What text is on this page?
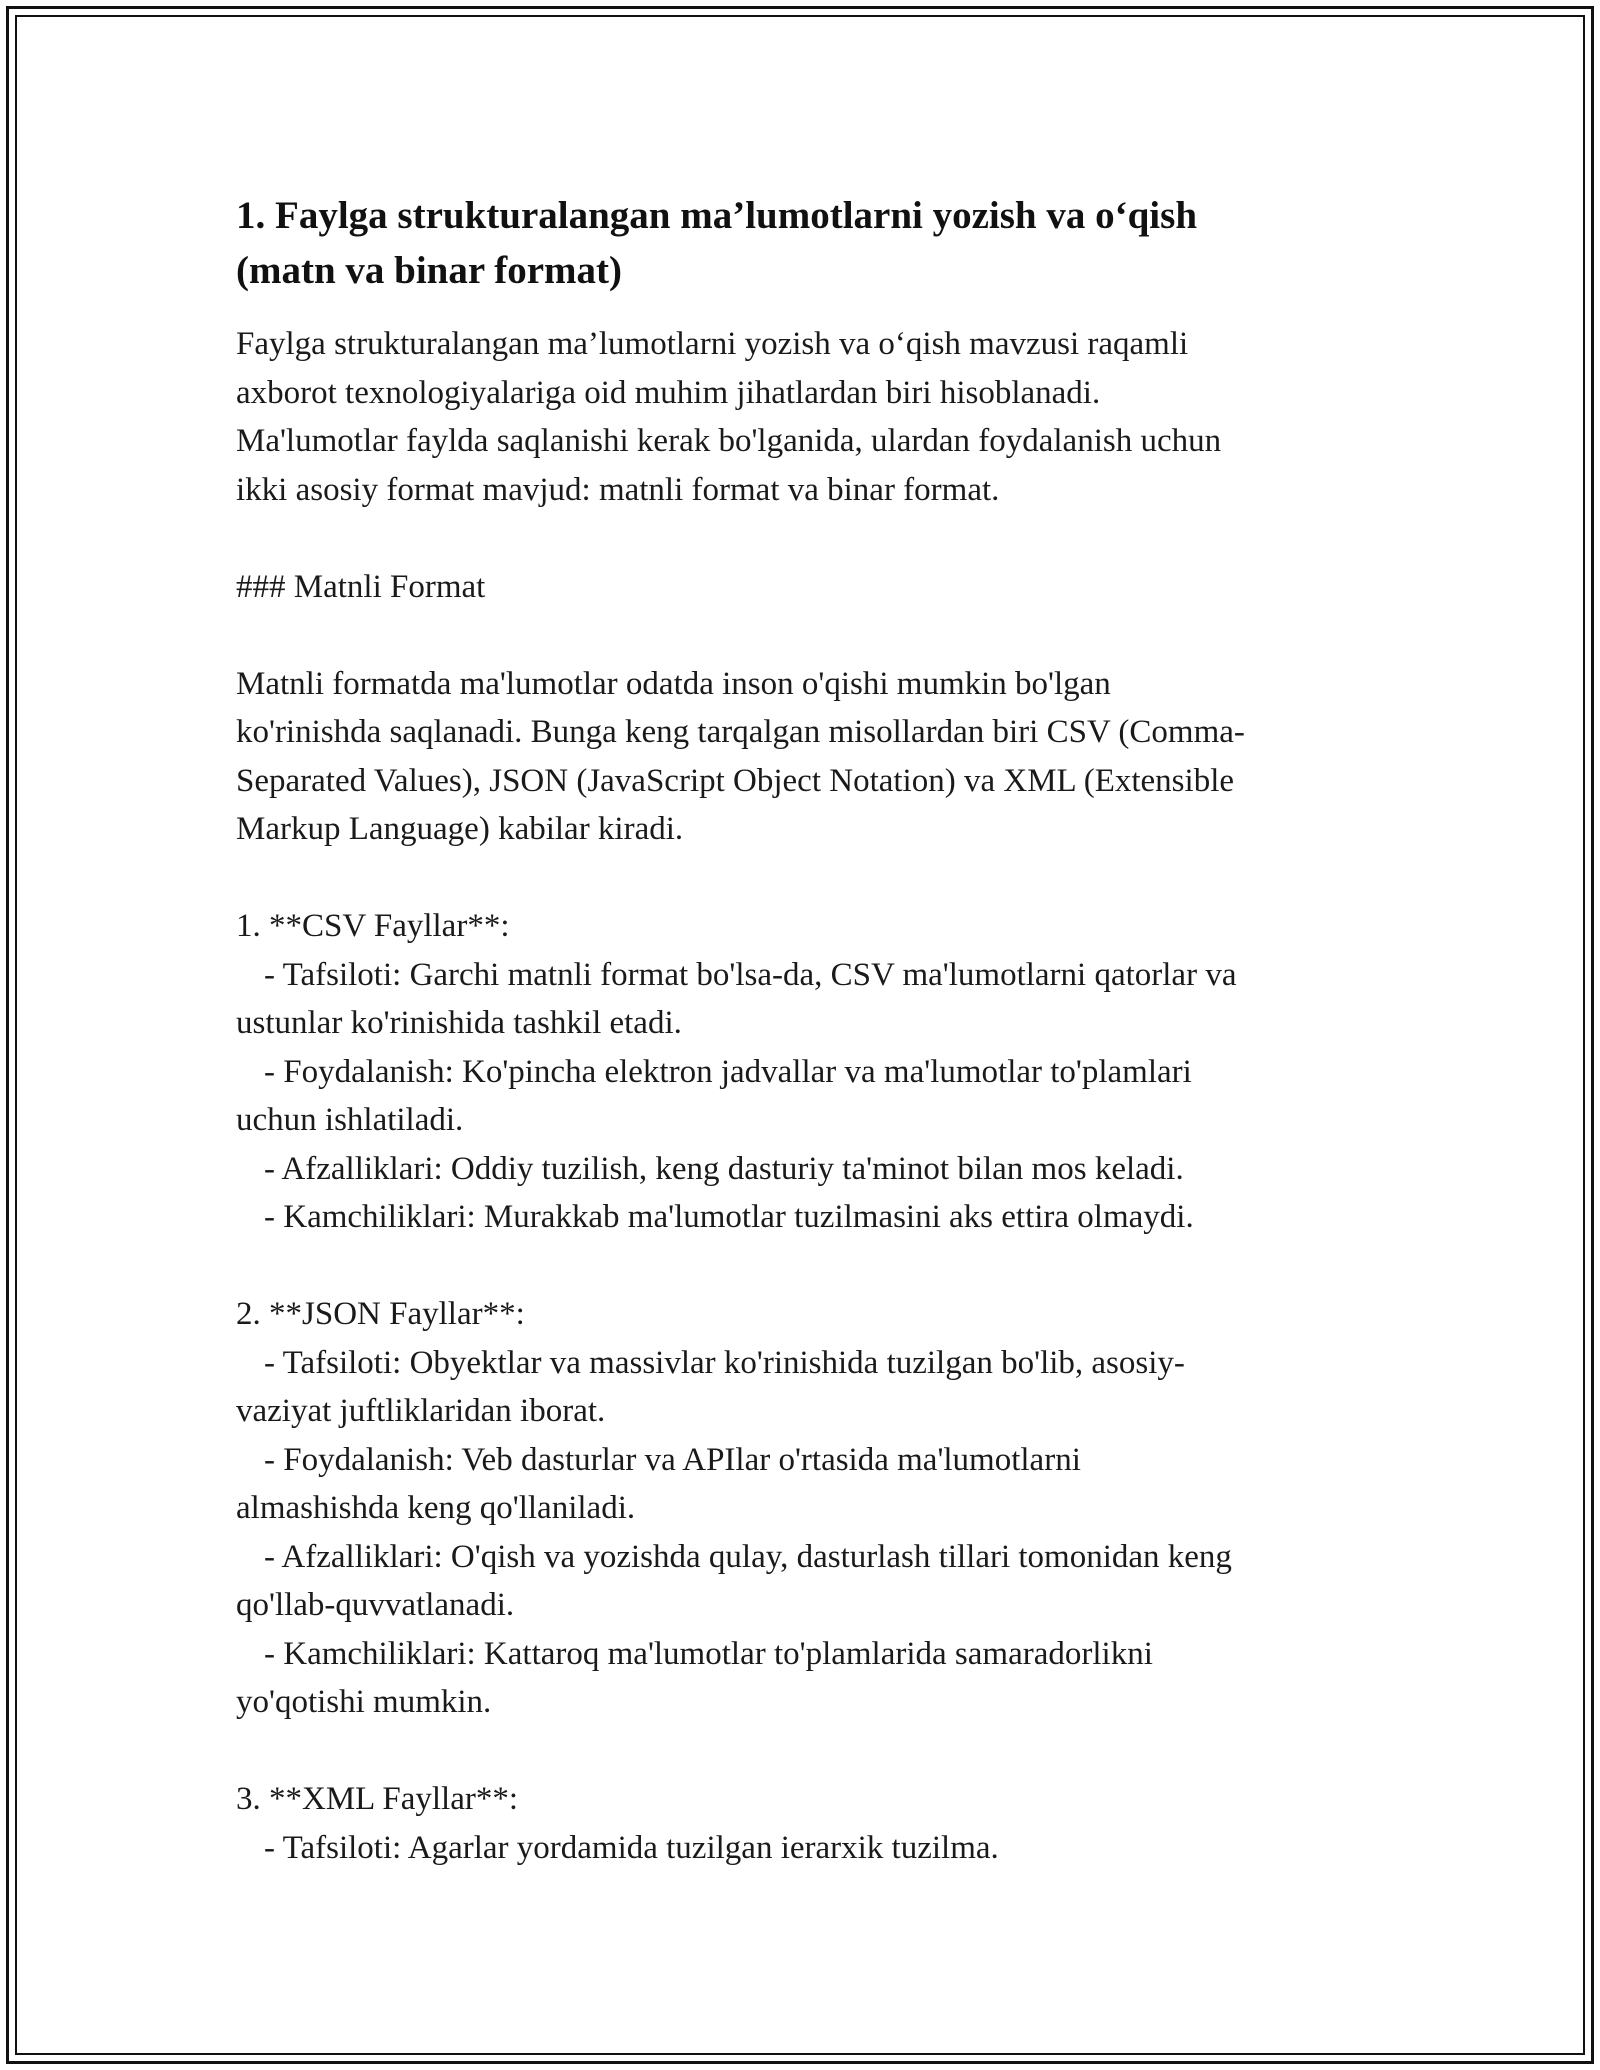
1. Faylga strukturalangan ma’lumotlarni yozish va o‘qish
(matn va binar format)
Faylga strukturalangan ma’lumotlarni yozish va o‘qish mavzusi raqamli
axborot texnologiyalariga oid muhim jihatlardan biri hisoblanadi.
Ma'lumotlar faylda saqlanishi kerak bo'lganida, ulardan foydalanish uchun
ikki asosiy format mavjud: matnli format va binar format.
### Matnli Format
Matnli formatda ma'lumotlar odatda inson o'qishi mumkin bo'lgan
ko'rinishda saqlanadi. Bunga keng tarqalgan misollardan biri CSV (Comma-
Separated Values), JSON (JavaScript Object Notation) va XML (Extensible
Markup Language) kabilar kiradi.
1. **CSV Fayllar**:
- Tafsiloti: Garchi matnli format bo'lsa-da, CSV ma'lumotlarni qatorlar va
ustunlar ko'rinishida tashkil etadi.
- Foydalanish: Ko'pincha elektron jadvallar va ma'lumotlar to'plamlari
uchun ishlatiladi.
- Afzalliklari: Oddiy tuzilish, keng dasturiy ta'minot bilan mos keladi.
- Kamchiliklari: Murakkab ma'lumotlar tuzilmasini aks ettira olmaydi.
2. **JSON Fayllar**:
- Tafsiloti: Obyektlar va massivlar ko'rinishida tuzilgan bo'lib, asosiy-
vaziyat juftliklaridan iborat.
- Foydalanish: Veb dasturlar va APIlar o'rtasida ma'lumotlarni
almashishda keng qo'llaniladi.
- Afzalliklari: O'qish va yozishda qulay, dasturlash tillari tomonidan keng
qo'llab-quvvatlanadi.
- Kamchiliklari: Kattaroq ma'lumotlar to'plamlarida samaradorlikni
yo'qotishi mumkin.
3. **XML Fayllar**:
- Tafsiloti: Agarlar yordamida tuzilgan ierarxik tuzilma.
